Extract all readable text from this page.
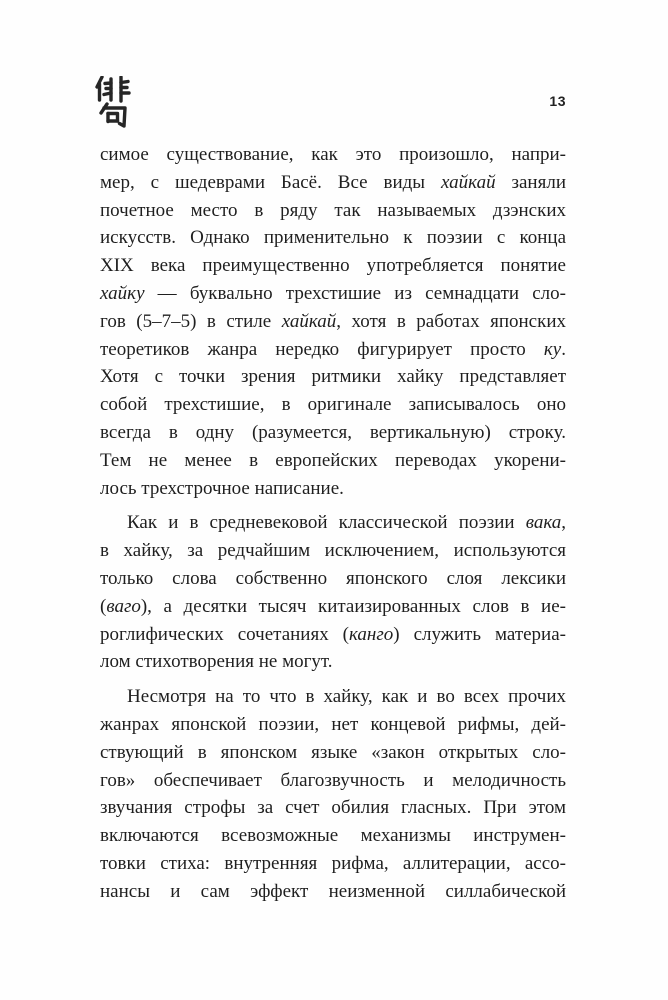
13
симое существование, как это произошло, напри-
мер, с шедеврами Басё. Все виды хайкай заняли
почетное место в ряду так называемых дзэнских
искусств. Однако применительно к поэзии с конца
XIX века преимущественно употребляется понятие
хайку — буквально трехстишие из семнадцати сло-
гов (5–7–5) в стиле хайкай, хотя в работах японских
теоретиков жанра нередко фигурирует просто ку.
Хотя с точки зрения ритмики хайку представляет
собой трехстишие, в оригинале записывалось оно
всегда в одну (разумеется, вертикальную) строку.
Тем не менее в европейских переводах укорени-
лось трехстрочное написание.
Как и в средневековой классической поэзии вака,
в хайку, за редчайшим исключением, используются
только слова собственно японского слоя лексики
(ваго), а десятки тысяч китаизированных слов в ие-
роглифических сочетаниях (канго) служить материа-
лом стихотворения не могут.
Несмотря на то что в хайку, как и во всех прочих
жанрах японской поэзии, нет концевой рифмы, дей-
ствующий в японском языке «закон открытых сло-
гов» обеспечивает благозвучность и мелодичность
звучания строфы за счет обилия гласных. При этом
включаются всевозможные механизмы инструмен-
товки стиха: внутренняя рифма, аллитерации, ассо-
нансы и сам эффект неизменной силлабической
